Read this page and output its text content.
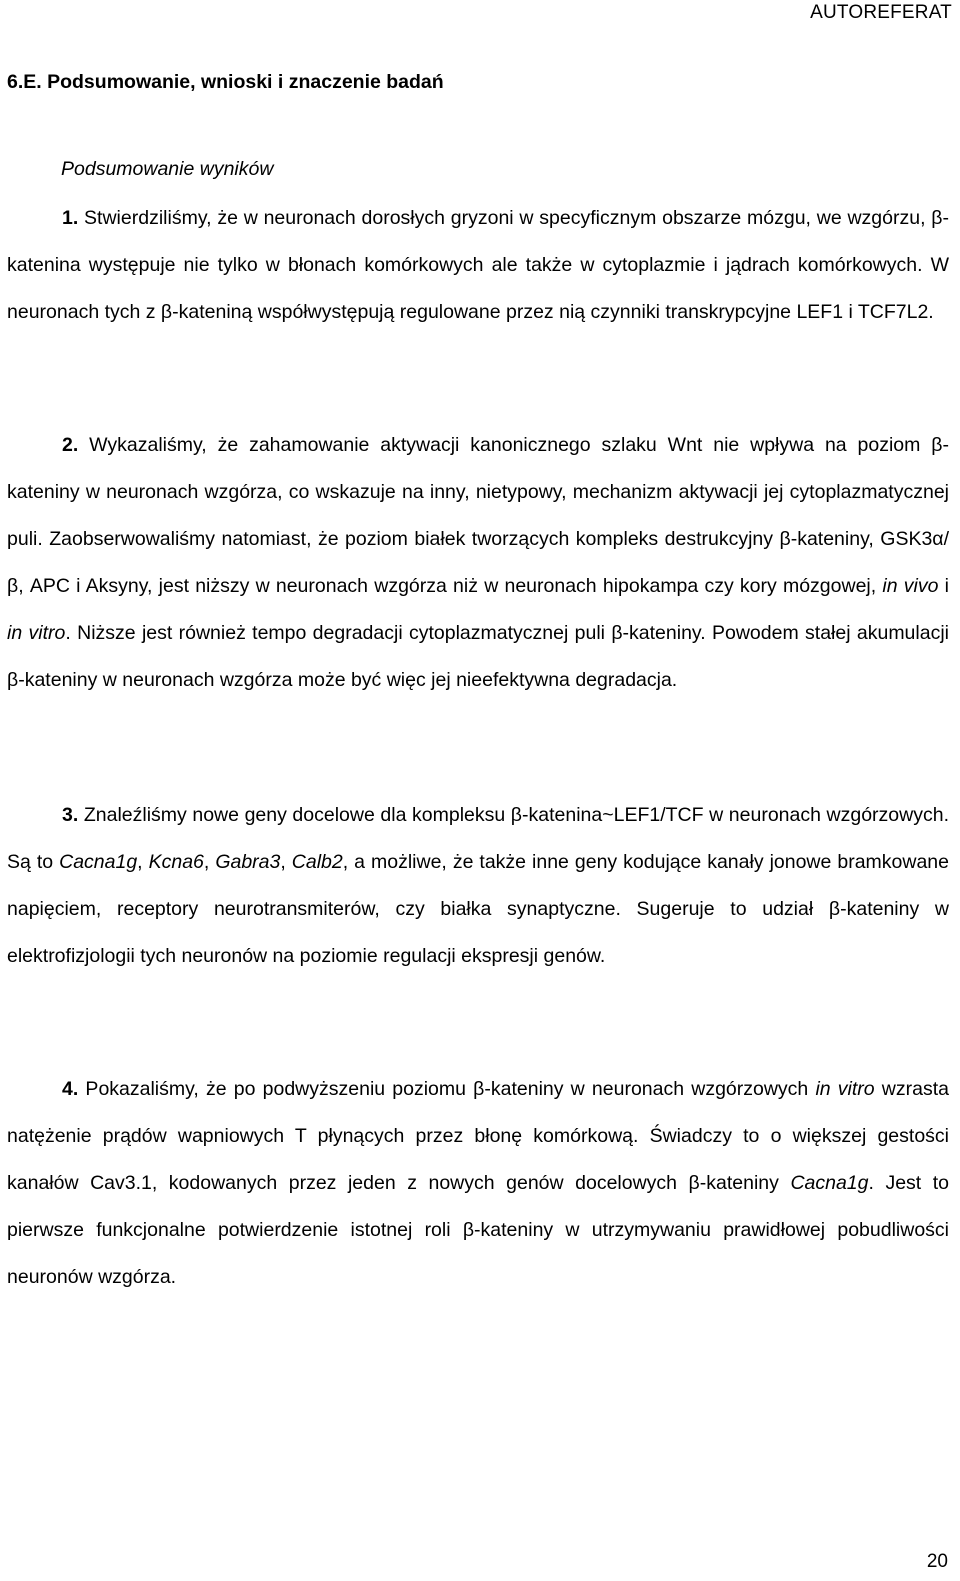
AUTOREFERAT
6.E. Podsumowanie, wnioski i znaczenie badań
Podsumowanie wyników
1. Stwierdziliśmy, że w neuronach dorosłych gryzoni w specyficznym obszarze mózgu, we wzgórzu, β-katenina występuje nie tylko w błonach komórkowych ale także w cytoplazmie i jądrach komórkowych. W neuronach tych z β-kateniną współwystępują regulowane przez nią czynniki transkrypcyjne LEF1 i TCF7L2.
2. Wykazaliśmy, że zahamowanie aktywacji kanonicznego szlaku Wnt nie wpływa na poziom β-kateniny w neuronach wzgórza, co wskazuje na inny, nietypowy, mechanizm aktywacji jej cytoplazmatycznej puli. Zaobserwowaliśmy natomiast, że poziom białek tworzących kompleks destrukcyjny β-kateniny, GSK3α/β, APC i Aksyny, jest niższy w neuronach wzgórza niż w neuronach hipokampa czy kory mózgowej, in vivo i in vitro. Niższe jest również tempo degradacji cytoplazmatycznej puli β-kateniny. Powodem stałej akumulacji β-kateniny w neuronach wzgórza może być więc jej nieefektywna degradacja.
3. Znaleźliśmy nowe geny docelowe dla kompleksu β-katenina~LEF1/TCF w neuronach wzgórzowych. Są to Cacna1g, Kcna6, Gabra3, Calb2, a możliwe, że także inne geny kodujące kanały jonowe bramkowane napięciem, receptory neurotransmiterów, czy białka synaptyczne. Sugeruje to udział β-kateniny w elektrofizjologii tych neuronów na poziomie regulacji ekspresji genów.
4. Pokazaliśmy, że po podwyższeniu poziomu β-kateniny w neuronach wzgórzowych in vitro wzrasta natężenie prądów wapniowych T płynących przez błonę komórkową. Świadczy to o większej gestości kanałów Cav3.1, kodowanych przez jeden z nowych genów docelowych β-kateniny Cacna1g. Jest to pierwsze funkcjonalne potwierdzenie istotnej roli β-kateniny w utrzymywaniu prawidłowej pobudliwości neuronów wzgórza.
20
